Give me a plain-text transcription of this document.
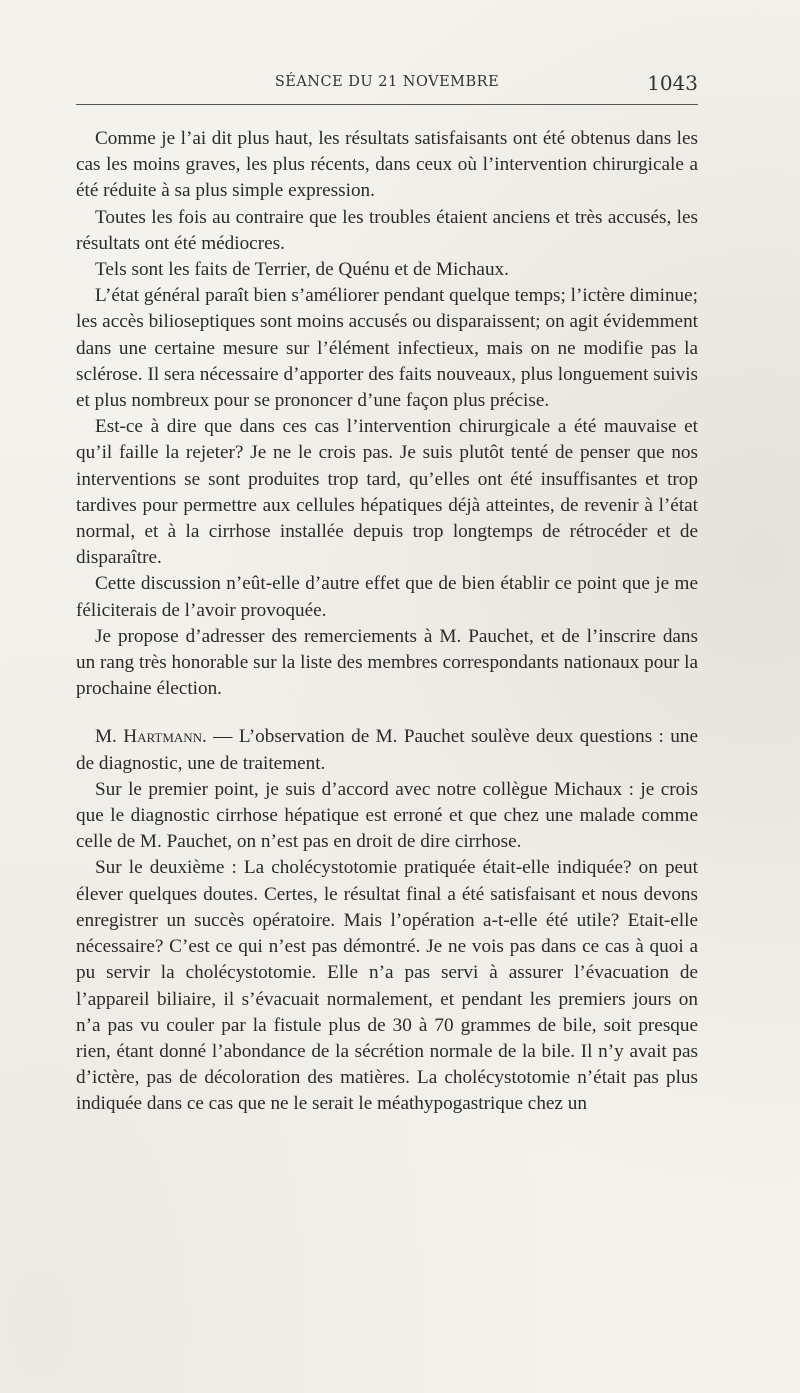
SÉANCE DU 21 NOVEMBRE	1043

Comme je l’ai dit plus haut, les résultats satisfaisants ont été obtenus dans les cas les moins graves, les plus récents, dans ceux où l’intervention chirurgicale a été réduite à sa plus simple expression.

Toutes les fois au contraire que les troubles étaient anciens et très accusés, les résultats ont été médiocres.

Tels sont les faits de Terrier, de Quénu et de Michaux.

L’état général paraît bien s’améliorer pendant quelque temps; l’ictère diminue; les accès bilioseptiques sont moins accusés ou disparaissent; on agit évidemment dans une certaine mesure sur l’élément infectieux, mais on ne modifie pas la sclérose. Il sera nécessaire d’apporter des faits nouveaux, plus longuement suivis et plus nombreux pour se prononcer d’une façon plus précise.

Est-ce à dire que dans ces cas l’intervention chirurgicale a été mauvaise et qu’il faille la rejeter? Je ne le crois pas. Je suis plutôt tenté de penser que nos interventions se sont produites trop tard, qu’elles ont été insuffisantes et trop tardives pour permettre aux cellules hépatiques déjà atteintes, de revenir à l’état normal, et à la cirrhose installée depuis trop longtemps de rétrocéder et de disparaître.

Cette discussion n’eût-elle d’autre effet que de bien établir ce point que je me féliciterais de l’avoir provoquée.

Je propose d’adresser des remerciements à M. Pauchet, et de l’inscrire dans un rang très honorable sur la liste des membres correspondants nationaux pour la prochaine élection.

M. Hartmann. — L’observation de M. Pauchet soulève deux questions : une de diagnostic, une de traitement.

Sur le premier point, je suis d’accord avec notre collègue Michaux : je crois que le diagnostic cirrhose hépatique est erroné et que chez une malade comme celle de M. Pauchet, on n’est pas en droit de dire cirrhose.

Sur le deuxième : La cholécystotomie pratiquée était-elle indiquée? on peut élever quelques doutes. Certes, le résultat final a été satisfaisant et nous devons enregistrer un succès opératoire. Mais l’opération a-t-elle été utile? Etait-elle nécessaire? C’est ce qui n’est pas démontré. Je ne vois pas dans ce cas à quoi a pu servir la cholécystotomie. Elle n’a pas servi à assurer l’évacuation de l’appareil biliaire, il s’évacuait normalement, et pendant les premiers jours on n’a pas vu couler par la fistule plus de 30 à 70 grammes de bile, soit presque rien, étant donné l’abondance de la sécrétion normale de la bile. Il n’y avait pas d’ictère, pas de décoloration des matières. La cholécystotomie n’était pas plus indiquée dans ce cas que ne le serait le méathypogastrique chez un
